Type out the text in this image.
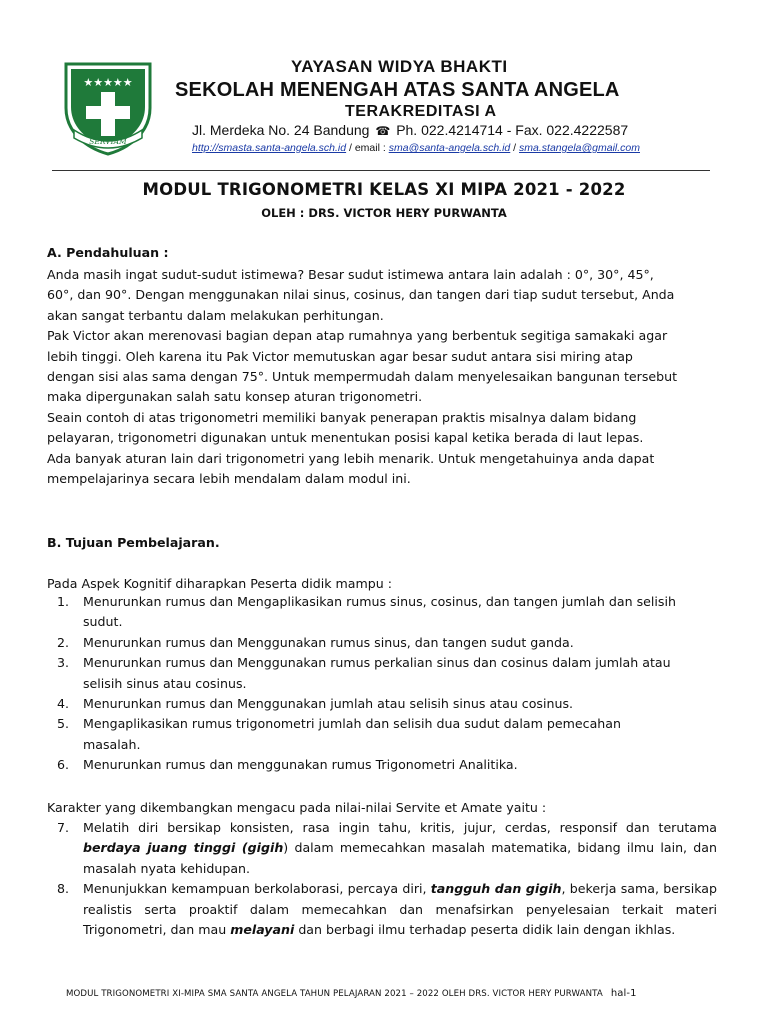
★★★★★
SERVIAM
YAYASAN WIDYA BHAKTI
SEKOLAH MENENGAH ATAS SANTA ANGELA
TERAKREDITASI A
Jl. Merdeka No. 24 Bandung ☎ Ph. 022.4214714 - Fax. 022.4222587
http://smasta.santa-angela.sch.id / email : sma@santa-angela.sch.id / sma.stangela@gmail.com
MODUL TRIGONOMETRI KELAS XI MIPA 2021 - 2022
OLEH : DRS. VICTOR HERY PURWANTA
A. Pendahuluan :

Anda masih ingat sudut-sudut istimewa? Besar sudut istimewa antara lain adalah : 0°, 30°, 45°,

60°, dan 90°. Dengan menggunakan nilai sinus, cosinus, dan tangen dari tiap sudut tersebut, Anda

akan sangat terbantu dalam melakukan perhitungan.

Pak Victor akan merenovasi bagian depan atap rumahnya yang berbentuk segitiga samakaki agar

lebih tinggi. Oleh karena itu Pak Victor memutuskan agar besar sudut antara sisi miring atap

dengan sisi alas sama dengan 75°. Untuk mempermudah dalam menyelesaikan bangunan tersebut

maka dipergunakan salah satu konsep aturan trigonometri.

Seain contoh di atas trigonometri memiliki banyak penerapan praktis misalnya dalam bidang

pelayaran, trigonometri digunakan untuk menentukan posisi kapal ketika berada di laut lepas.

Ada banyak aturan lain dari trigonometri yang lebih menarik. Untuk mengetahuinya anda dapat

mempelajarinya secara lebih mendalam dalam modul ini.

B. Tujuan Pembelajaran.

Pada Aspek Kognitif diharapkan Peserta didik mampu :

1. Menurunkan rumus dan Mengaplikasikan rumus sinus, cosinus, dan tangen jumlah dan selisih
sudut.
2. Menurunkan rumus dan Menggunakan rumus sinus, dan tangen sudut ganda.
3. Menurunkan rumus dan Menggunakan rumus perkalian sinus dan cosinus dalam jumlah atau
selisih sinus atau cosinus.
4. Menurunkan rumus dan Menggunakan jumlah atau selisih sinus atau cosinus.
5. Mengaplikasikan rumus trigonometri jumlah dan selisih dua sudut dalam pemecahan
masalah.
6. Menurunkan rumus dan menggunakan rumus Trigonometri Analitika.

Karakter yang dikembangkan mengacu pada nilai-nilai Servite et Amate yaitu :

7. Melatih diri bersikap konsisten, rasa ingin tahu, kritis, jujur, cerdas, responsif dan terutama berdaya juang tinggi (gigih) dalam memecahkan masalah matematika, bidang ilmu lain, dan masalah nyata kehidupan.
8. Menunjukkan kemampuan berkolaborasi, percaya diri, tangguh dan gigih, bekerja sama, bersikap realistis serta proaktif dalam memecahkan dan menafsirkan penyelesaian terkait materi Trigonometri, dan mau melayani dan berbagi ilmu terhadap peserta didik lain dengan ikhlas.
MODUL TRIGONOMETRI XI-MIPA SMA SANTA ANGELA TAHUN PELAJARAN 2021 – 2022 OLEH DRS. VICTOR HERY PURWANTA hal-1
